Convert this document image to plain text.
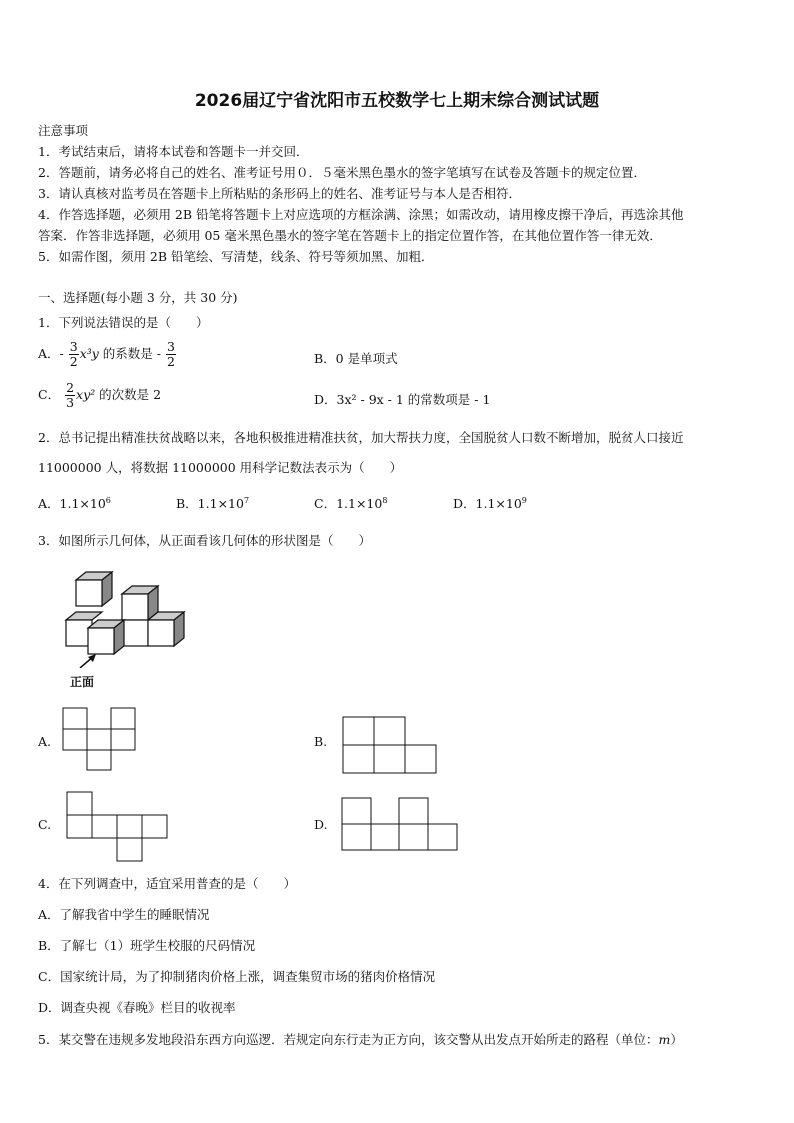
2026届辽宁省沈阳市五校数学七上期末综合测试试题
注意事项
1．考试结束后，请将本试卷和答题卡一并交回．
2．答题前，请务必将自己的姓名、准考证号用０．５毫米黑色墨水的签字笔填写在试卷及答题卡的规定位置．
3．请认真核对监考员在答题卡上所粘贴的条形码上的姓名、准考证号与本人是否相符．
4．作答选择题，必须用 2B 铅笔将答题卡上对应选项的方框涂满、涂黑；如需改动，请用橡皮擦干净后，再选涂其他
答案．作答非选择题，必须用 05 毫米黑色墨水的签字笔在答题卡上的指定位置作答，在其他位置作答一律无效．
5．如需作图，须用 2B 铅笔绘、写清楚，线条、符号等须加黑、加粗．
一、选择题(每小题 3 分，共 30 分)
1．下列说法错误的是（　　）
A．- $\frac{3}{2} x^3y$ 的系数是 - $\frac{3}{2}$	B．0 是单项式
C． $\frac{2}{3} xy^2$ 的次数是 2	D．3x² - 9x - 1 的常数项是 - 1
2．总书记提出精准扶贫战略以来，各地积极推进精准扶贫，加大帮扶力度，全国脱贫人口数不断增加，脱贫人口接近
11000000 人，将数据 11000000 用科学记数法表示为（　　）
A．$1.1\times 10^6$	B．$1.1\times 10^7$	C．$1.1\times 10^8$	D．$1.1\times 10^9$
3．如图所示几何体，从正面看该几何体的形状图是（　　）
正面
A.	B.
C.	D.
4．在下列调查中，适宜采用普查的是（　　）
A．了解我省中学生的睡眠情况
B．了解七（1）班学生校服的尺码情况
C．国家统计局，为了抑制猪肉价格上涨，调查集贸市场的猪肉价格情况
D．调查央视《春晚》栏目的收视率
5．某交警在违规多发地段沿东西方向巡逻．若规定向东行走为正方向，该交警从出发点开始所走的路程（单位：m）
